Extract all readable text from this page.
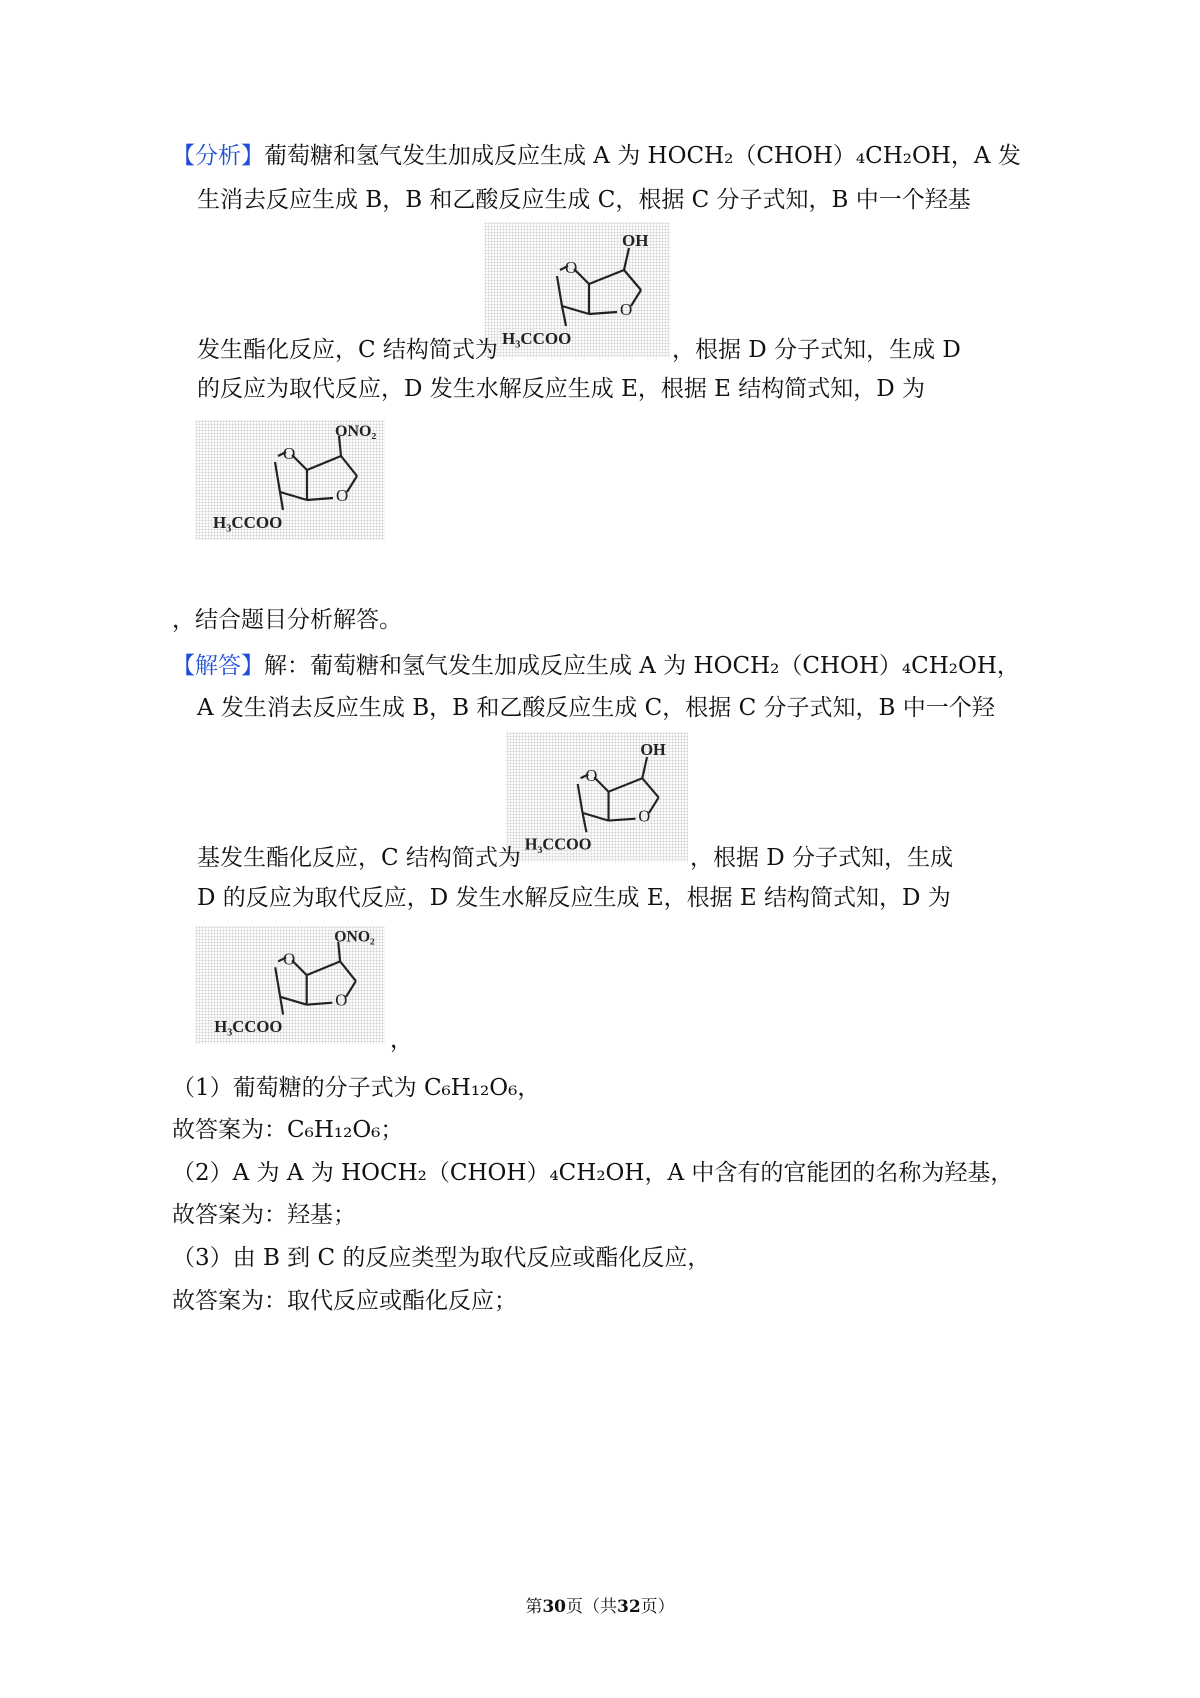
【分析】葡萄糖和氢气发生加成反应生成 A 为 HOCH₂（CHOH）₄CH₂OH，A 发
生消去反应生成 B，B 和乙酸反应生成 C，根据 C 分子式知，B 中一个羟基
O
O
OH
H₃CCOO
发生酯化反应，C 结构简式为	，根据 D 分子式知，生成 D
的反应为取代反应，D 发生水解反应生成 E，根据 E 结构简式知，D 为
O
O
ONO₂
H₃CCOO
，结合题目分析解答。
【解答】解：葡萄糖和氢气发生加成反应生成 A 为 HOCH₂（CHOH）₄CH₂OH，
A 发生消去反应生成 B，B 和乙酸反应生成 C，根据 C 分子式知，B 中一个羟
O
O
OH
H₃CCOO
基发生酯化反应，C 结构简式为	，根据 D 分子式知，生成
D 的反应为取代反应，D 发生水解反应生成 E，根据 E 结构简式知，D 为
O
O
ONO₂
H₃CCOO
，
（1）葡萄糖的分子式为 C₆H₁₂O₆，
故答案为：C₆H₁₂O₆；
（2）A 为 A 为 HOCH₂（CHOH）₄CH₂OH，A 中含有的官能团的名称为羟基，
故答案为：羟基；
（3）由 B 到 C 的反应类型为取代反应或酯化反应，
故答案为：取代反应或酯化反应；
第30页（共32页）
